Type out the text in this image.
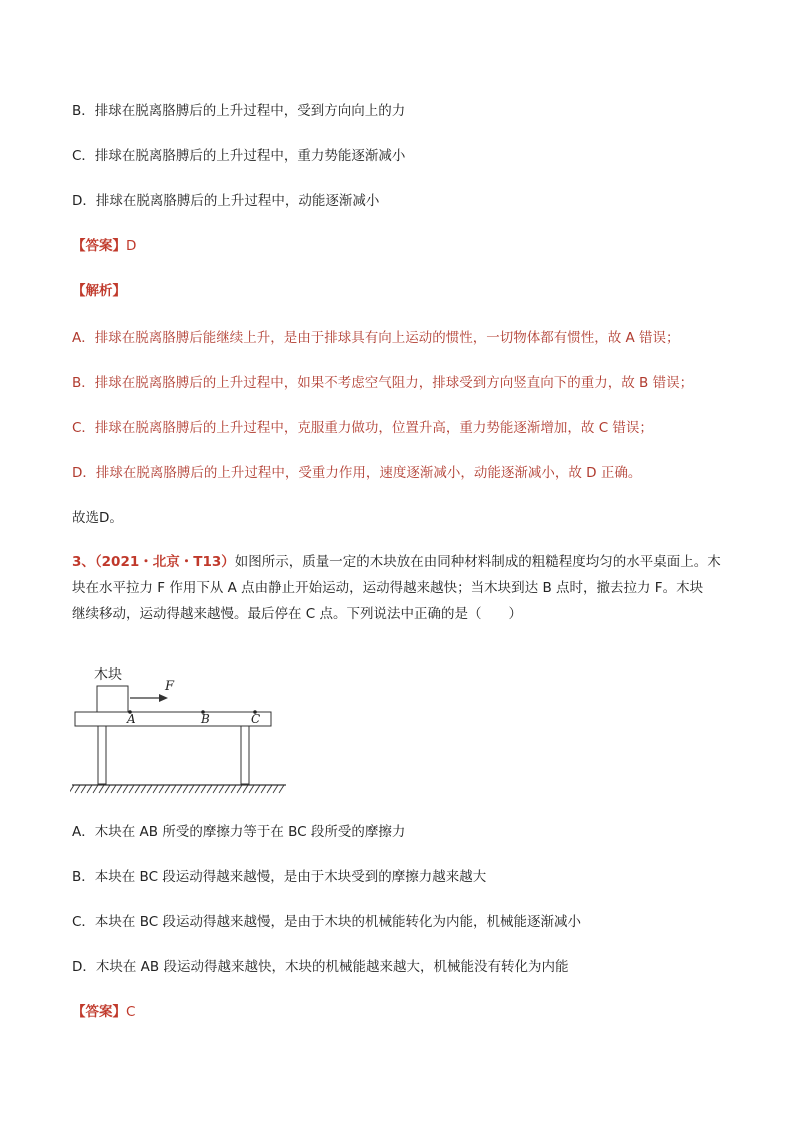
B．排球在脱离胳膊后的上升过程中，受到方向向上的力
C．排球在脱离胳膊后的上升过程中，重力势能逐渐减小
D．排球在脱离胳膊后的上升过程中，动能逐渐减小
【答案】D
【解析】
A．排球在脱离胳膊后能继续上升，是由于排球具有向上运动的惯性，一切物体都有惯性，故 A 错误；
B．排球在脱离胳膊后的上升过程中，如果不考虑空气阻力，排球受到方向竖直向下的重力，故 B 错误；
C．排球在脱离胳膊后的上升过程中，克服重力做功，位置升高，重力势能逐渐增加，故 C 错误；
D．排球在脱离胳膊后的上升过程中，受重力作用，速度逐渐减小，动能逐渐减小，故 D 正确。
故选D。
3、（2021・北京・T13）如图所示，质量一定的木块放在由同种材料制成的粗糙程度均匀的水平桌面上。木
块在水平拉力 F 作用下从 A 点由静止开始运动，运动得越来越快；当木块到达 B 点时，撤去拉力 F。木块
继续移动，运动得越来越慢。最后停在 C 点。下列说法中正确的是（　　）
木块
F
A	B	C
A．木块在 AB 所受的摩擦力等于在 BC 段所受的摩擦力
B．本块在 BC 段运动得越来越慢，是由于木块受到的摩擦力越来越大
C．本块在 BC 段运动得越来越慢，是由于木块的机械能转化为内能，机械能逐渐减小
D．木块在 AB 段运动得越来越快，木块的机械能越来越大，机械能没有转化为内能
【答案】C
